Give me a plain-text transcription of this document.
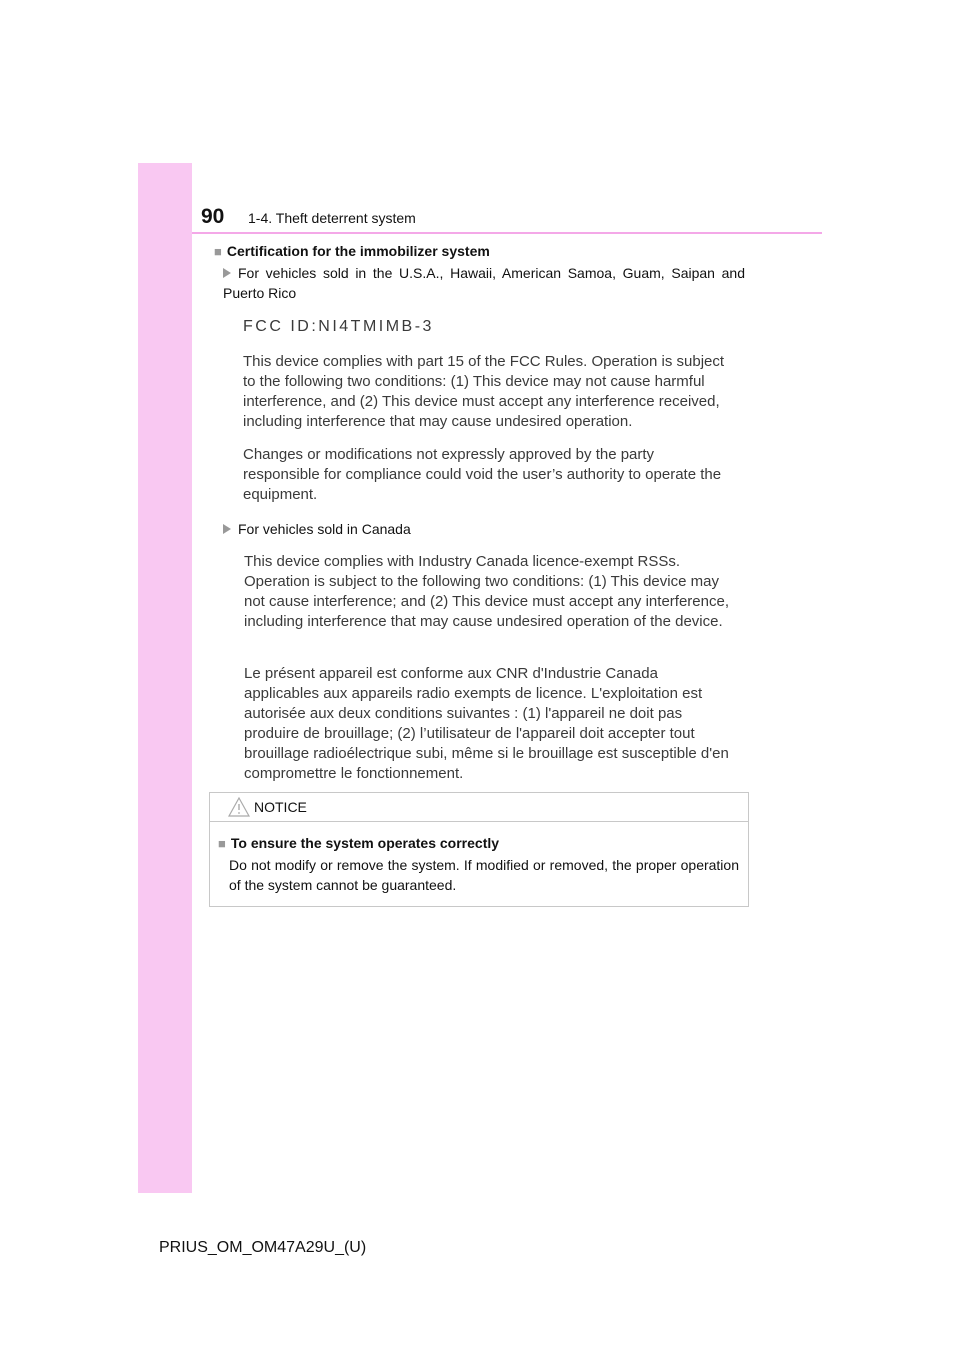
90 1-4. Theft deterrent system
■ Certification for the immobilizer system
For vehicles sold in the U.S.A., Hawaii, American Samoa, Guam, Saipan and Puerto Rico
FCC ID:NI4TMIMB-3

This device complies with part 15 of the FCC Rules. Operation is subject to the following two conditions: (1) This device may not cause harmful interference, and (2) This device must accept any interference received, including interference that may cause undesired operation.

Changes or modifications not expressly approved by the party responsible for compliance could void the user’s authority to operate the equipment.

For vehicles sold in Canada

This device complies with Industry Canada licence-exempt RSSs. Operation is subject to the following two conditions: (1) This device may not cause interference; and (2) This device must accept any interference, including interference that may cause undesired operation of the device.

Le présent appareil est conforme aux CNR d'Industrie Canada applicables aux appareils radio exempts de licence. L'exploitation est autorisée aux deux conditions suivantes : (1) l'appareil ne doit pas produire de brouillage; (2) l’utilisateur de l'appareil doit accepter tout brouillage radioélectrique subi, même si le brouillage est susceptible d'en compromettre le fonctionnement.

NOTICE
■ To ensure the system operates correctly
Do not modify or remove the system. If modified or removed, the proper operation of the system cannot be guaranteed.
PRIUS_OM_OM47A29U_(U)
